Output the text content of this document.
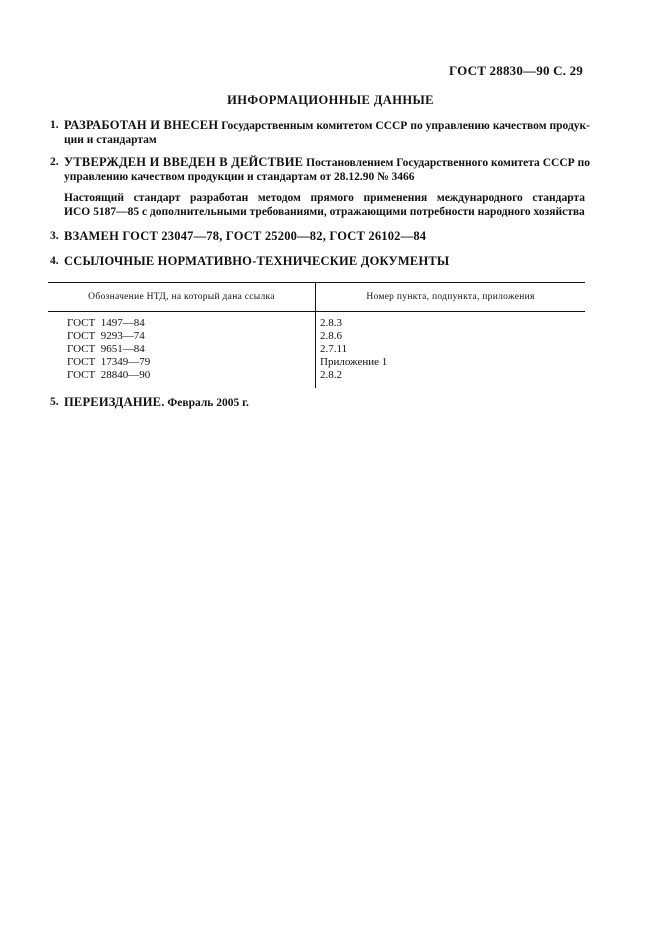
ГОСТ 28830—90 С. 29
ИНФОРМАЦИОННЫЕ ДАННЫЕ
1. РАЗРАБОТАН И ВНЕСЕН Государственным комитетом СССР по управлению качеством продук-ции и стандартам
2. УТВЕРЖДЕН И ВВЕДЕН В ДЕЙСТВИЕ Постановлением Государственного комитета СССР по управлению качеством продукции и стандартам от 28.12.90 № 3466
Настоящий стандарт разработан методом прямого применения международного стандарта
ИСО 5187—85 с дополнительными требованиями, отражающими потребности народного хозяйства
3. ВЗАМЕН ГОСТ 23047—78, ГОСТ 25200—82, ГОСТ 26102—84
4. ССЫЛОЧНЫЕ НОРМАТИВНО-ТЕХНИЧЕСКИЕ ДОКУМЕНТЫ
Обозначение НТД, на который дана ссылка	Номер пункта, подпункта, приложения
ГОСТ  1497—84	2.8.3
ГОСТ  9293—74	2.8.6
ГОСТ  9651—84	2.7.11
ГОСТ  17349—79	Приложение 1
ГОСТ  28840—90	2.8.2
5. ПЕРЕИЗДАНИЕ. Февраль 2005 г.
